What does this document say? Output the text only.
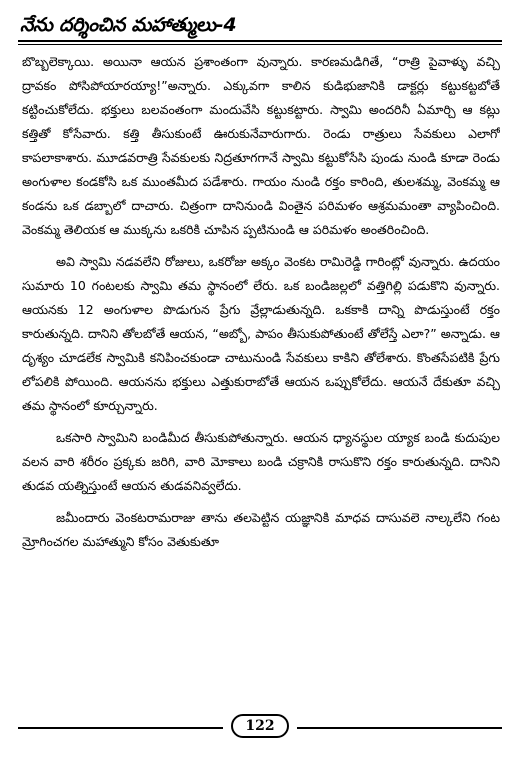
నేను దర్శించిన మహాత్ములు-4

బొబ్బలెక్కాయి. అయినా ఆయన ప్రశాంతంగా వున్నారు. కారణమడిగితే, “రాత్రి పైవాళ్ళు వచ్చి ద్రావకం పోసిపోయారయ్యా!”అన్నారు. ఎక్కువగా కాలిన కుడిభుజానికి డాక్టర్లు కట్టుకట్టబోతే కట్టించుకోలేదు. భక్తులు బలవంతంగా మందువేసి కట్టుకట్టారు. స్వామి అందరినీ ఏమార్చి ఆ కట్లు కత్తితో కోసేవారు. కత్తి తీసుకుంటే ఊరుకునేవారుగారు. రెండు రాత్రులు సేవకులు ఎలాగో కాపలాకాశారు. మూడవరాత్రి సేవకులకు నిద్రతూగగానే స్వామి కట్టుకోసేసి పుండు నుండి కూడా రెండు అంగుళాల కండకోసి ఒక ముంతమీద పడేశారు. గాయం నుండి రక్తం కారింది, తులశమ్మ, వెంకమ్మ ఆ కండను ఒక డబ్బాలో దాచారు. చిత్రంగా దానినుండి వింతైన పరిమళం ఆశ్రమమంతా వ్యాపించింది. వెంకమ్మ తెలియక ఆ ముక్కను ఒకరికి చూపిన ప్పటినుండి ఆ పరిమళం అంతరించింది.

అవి స్వామి నడవలేని రోజులు, ఒకరోజు అక్కం వెంకట రామిరెడ్డి గారింట్లో వున్నారు. ఉదయం సుమారు 10 గంటలకు స్వామి తమ స్థానంలో లేరు. ఒక బండిజల్లలో వత్తిగిల్లి పడుకొని వున్నారు. ఆయనకు 12 అంగుళాల పొడుగున ప్రేగు వ్రేల్లాడుతున్నది. ఒకకాకి దాన్ని పొడుస్తుంటే రక్తం కారుతున్నది. దానిని తోలబోతే ఆయన, “అబ్బో, పాపం తీసుకుపోతుంటే తోలేస్తే ఎలా?” అన్నాడు. ఆ దృశ్యం చూడలేక స్వామికి కనిపించకుండా చాటునుండి సేవకులు కాకిని తోలేశారు. కొంతసేపటికి ప్రేగు లోపలికి పోయింది. ఆయనను భక్తులు ఎత్తుకురాబోతే ఆయన ఒప్పుకోలేదు. ఆయనే దేకుతూ వచ్చి తమ స్థానంలో కూర్చున్నారు.

ఒకసారి స్వామిని బండిమీద తీసుకుపోతున్నారు. ఆయన ధ్యానస్థుల య్యాక బండి కుదుపుల వలన వారి శరీరం ప్రక్కకు జరిగి, వారి మోకాలు బండి చక్రానికి రాసుకొని రక్తం కారుతున్నది. దానిని తుడవ యత్నిస్తుంటే ఆయన తుడవనివ్వలేదు.

జమీందారు వెంకటరామరాజు తాను తలపెట్టిన యజ్ఞానికి మాధవ దాసువలె నాల్కలేని గంట మ్రోగించగల మహాత్ముని కోసం వెతుకుతూ

122
